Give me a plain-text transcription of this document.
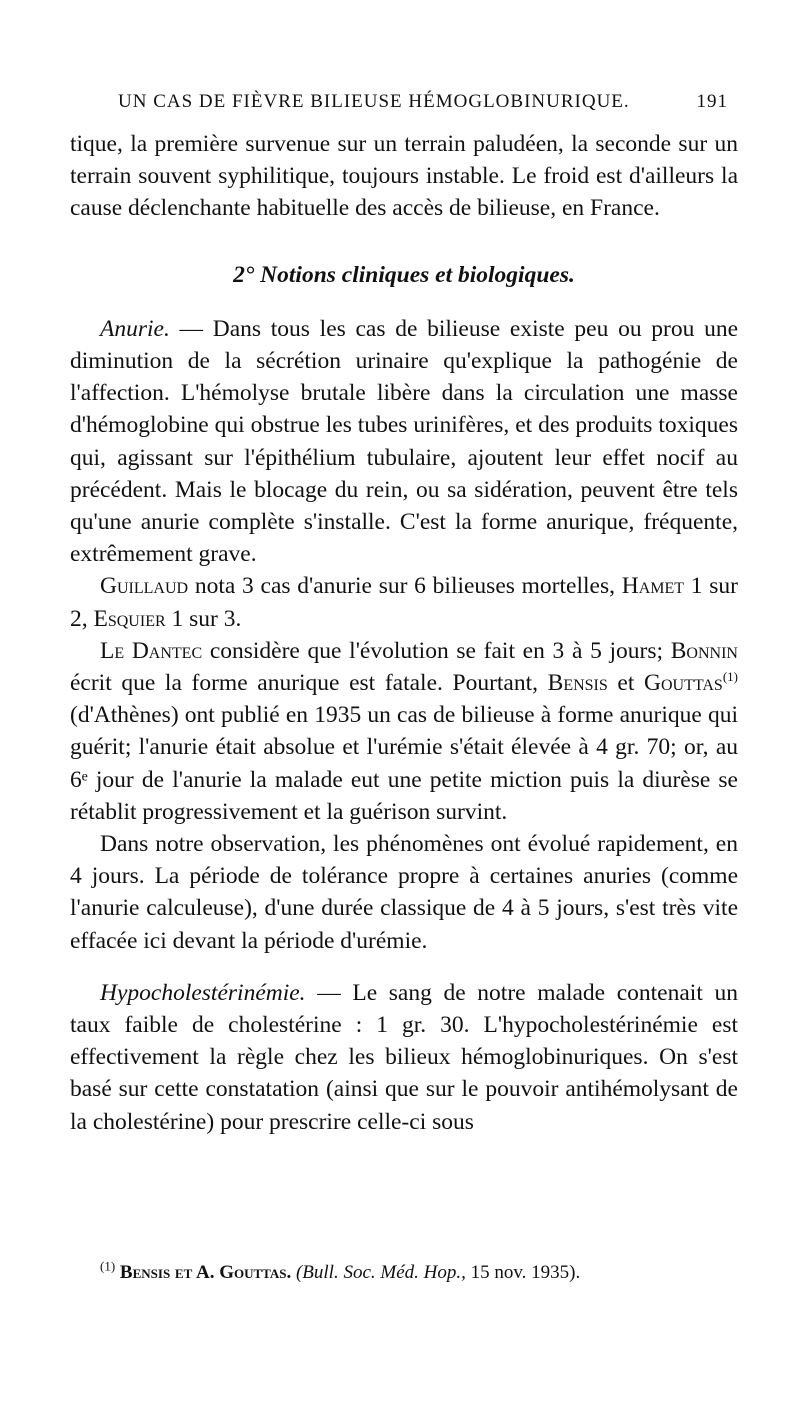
UN CAS DE FIÈVRE BILIEUSE HÉMOGLOBINURIQUE.	191

tique, la première survenue sur un terrain paludéen, la seconde sur un terrain souvent syphilitique, toujours instable. Le froid est d'ailleurs la cause déclenchante habituelle des accès de bilieuse, en France.

2° Notions cliniques et biologiques.

Anurie. — Dans tous les cas de bilieuse existe peu ou prou une diminution de la sécrétion urinaire qu'explique la pathogénie de l'affection. L'hémolyse brutale libère dans la circulation une masse d'hémoglobine qui obstrue les tubes urinifères, et des produits toxiques qui, agissant sur l'épithélium tubulaire, ajoutent leur effet nocif au précédent. Mais le blocage du rein, ou sa sidération, peuvent être tels qu'une anurie complète s'installe. C'est la forme anurique, fréquente, extrêmement grave.

Guillaud nota 3 cas d'anurie sur 6 bilieuses mortelles, Hamet 1 sur 2, Esquier 1 sur 3.

Le Dantec considère que l'évolution se fait en 3 à 5 jours; Bonnin écrit que la forme anurique est fatale. Pourtant, Bensis et Gouttas$^{(1)}$ (d'Athènes) ont publié en 1935 un cas de bilieuse à forme anurique qui guérit; l'anurie était absolue et l'urémie s'était élevée à 4 gr. 70; or, au 6ᵉ jour de l'anurie la malade eut une petite miction puis la diurèse se rétablit progressivement et la guérison survint.

Dans notre observation, les phénomènes ont évolué rapidement, en 4 jours. La période de tolérance propre à certaines anuries (comme l'anurie calculeuse), d'une durée classique de 4 à 5 jours, s'est très vite effacée ici devant la période d'urémie.

Hypocholestérinémie. — Le sang de notre malade contenait un taux faible de cholestérine : 1 gr. 30. L'hypocholestérinémie est effectivement la règle chez les bilieux hémoglobinuriques. On s'est basé sur cette constatation (ainsi que sur le pouvoir antihémolysant de la cholestérine) pour prescrire celle-ci sous

$^{(1)}$ Bensis et A. Gouttas. (Bull. Soc. Méd. Hop., 15 nov. 1935).
